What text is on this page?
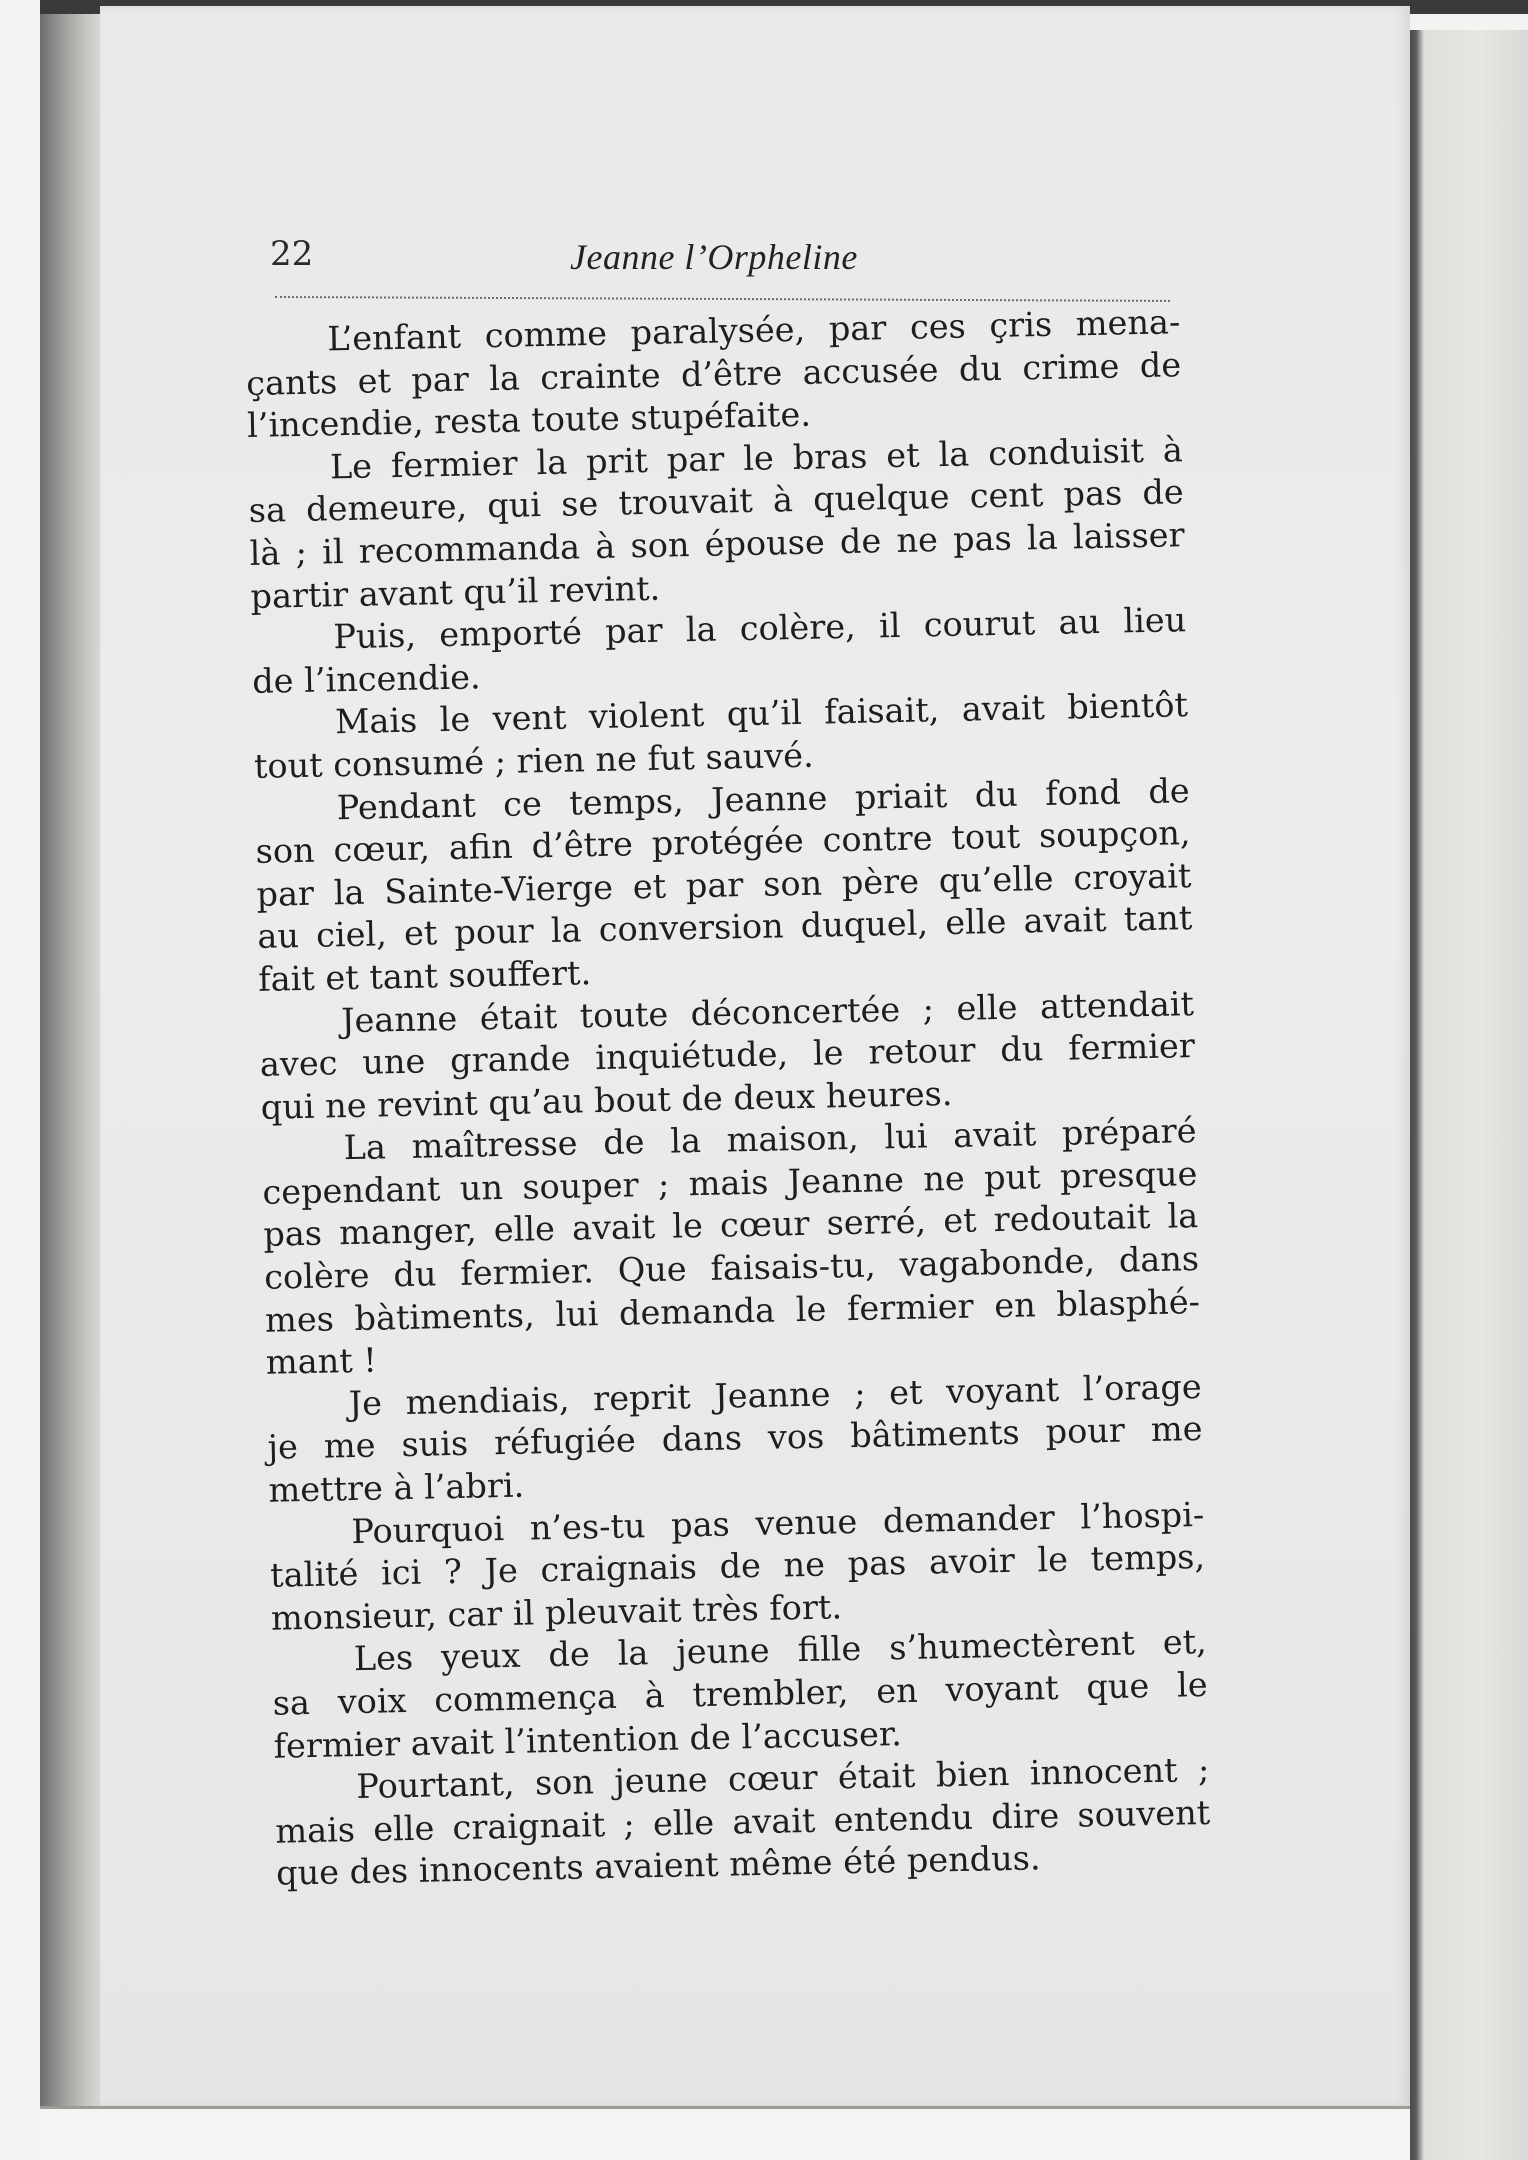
22	Jeanne l’Orpheline
L’enfant comme paralysée, par ces çris mena-
çants et par la crainte d’être accusée du crime de
l’incendie, resta toute stupéfaite.
Le fermier la prit par le bras et la conduisit à
sa demeure, qui se trouvait à quelque cent pas de
là ; il recommanda à son épouse de ne pas la laisser
partir avant qu’il revint.
Puis, emporté par la colère, il courut au lieu
de l’incendie.
Mais le vent violent qu’il faisait, avait bientôt
tout consumé ; rien ne fut sauvé.
Pendant ce temps, Jeanne priait du fond de
son cœur, afin d’être protégée contre tout soupçon,
par la Sainte-Vierge et par son père qu’elle croyait
au ciel, et pour la conversion duquel, elle avait tant
fait et tant souffert.
Jeanne était toute déconcertée ; elle attendait
avec une grande inquiétude, le retour du fermier
qui ne revint qu’au bout de deux heures.
La maîtresse de la maison, lui avait préparé
cependant un souper ; mais Jeanne ne put presque
pas manger, elle avait le cœur serré, et redoutait la
colère du fermier. Que faisais-tu, vagabonde, dans
mes bàtiments, lui demanda le fermier en blasphé-
mant !
Je mendiais, reprit Jeanne ; et voyant l’orage
je me suis réfugiée dans vos bâtiments pour me
mettre à l’abri.
Pourquoi n’es-tu pas venue demander l’hospi-
talité ici ? Je craignais de ne pas avoir le temps,
monsieur, car il pleuvait très fort.
Les yeux de la jeune fille s’humectèrent et,
sa voix commença à trembler, en voyant que le
fermier avait l’intention de l’accuser.
Pourtant, son jeune cœur était bien innocent ;
mais elle craignait ; elle avait entendu dire souvent
que des innocents avaient même été pendus.
